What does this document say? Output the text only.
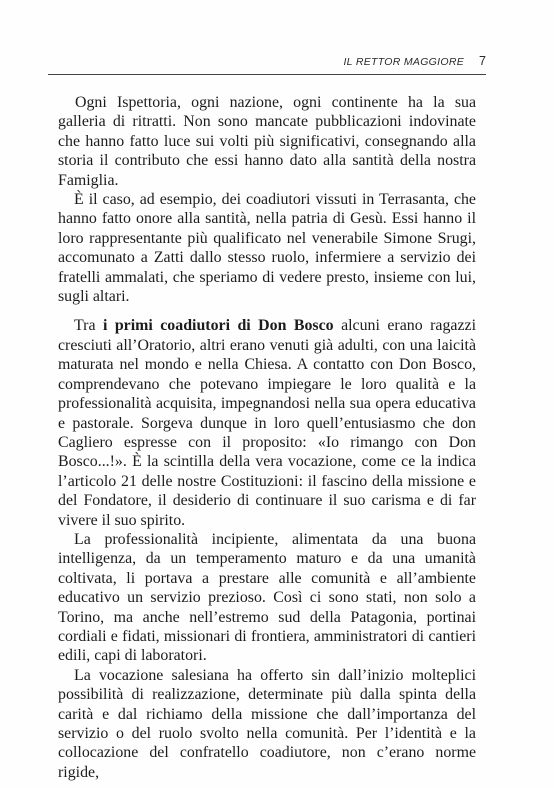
IL RETTOR MAGGIORE 7

Ogni Ispettoria, ogni nazione, ogni continente ha la sua galleria di ritratti. Non sono mancate pubblicazioni indovinate che hanno fatto luce sui volti più significativi, consegnando alla storia il contributo che essi hanno dato alla santità della nostra Famiglia.

È il caso, ad esempio, dei coadiutori vissuti in Terrasanta, che hanno fatto onore alla santità, nella patria di Gesù. Essi hanno il loro rappresentante più qualificato nel venerabile Simone Srugi, accomunato a Zatti dallo stesso ruolo, infermiere a servizio dei fratelli ammalati, che speriamo di vedere presto, insieme con lui, sugli altari.

Tra i primi coadiutori di Don Bosco alcuni erano ragazzi cresciuti all’Oratorio, altri erano venuti già adulti, con una laicità maturata nel mondo e nella Chiesa. A contatto con Don Bosco, comprendevano che potevano impiegare le loro qualità e la professionalità acquisita, impegnandosi nella sua opera educativa e pastorale. Sorgeva dunque in loro quell’entusiasmo che don Cagliero espresse con il proposito: «Io rimango con Don Bosco...!». È la scintilla della vera vocazione, come ce la indica l’articolo 21 delle nostre Costituzioni: il fascino della missione e del Fondatore, il desiderio di continuare il suo carisma e di far vivere il suo spirito.

La professionalità incipiente, alimentata da una buona intelligenza, da un temperamento maturo e da una umanità coltivata, li portava a prestare alle comunità e all’ambiente educativo un servizio prezioso. Così ci sono stati, non solo a Torino, ma anche nell’estremo sud della Patagonia, portinai cordiali e fidati, missionari di frontiera, amministratori di cantieri edili, capi di laboratori.

La vocazione salesiana ha offerto sin dall’inizio molteplici possibilità di realizzazione, determinate più dalla spinta della carità e dal richiamo della missione che dall’importanza del servizio o del ruolo svolto nella comunità. Per l’identità e la collocazione del confratello coadiutore, non c’erano norme rigide,
